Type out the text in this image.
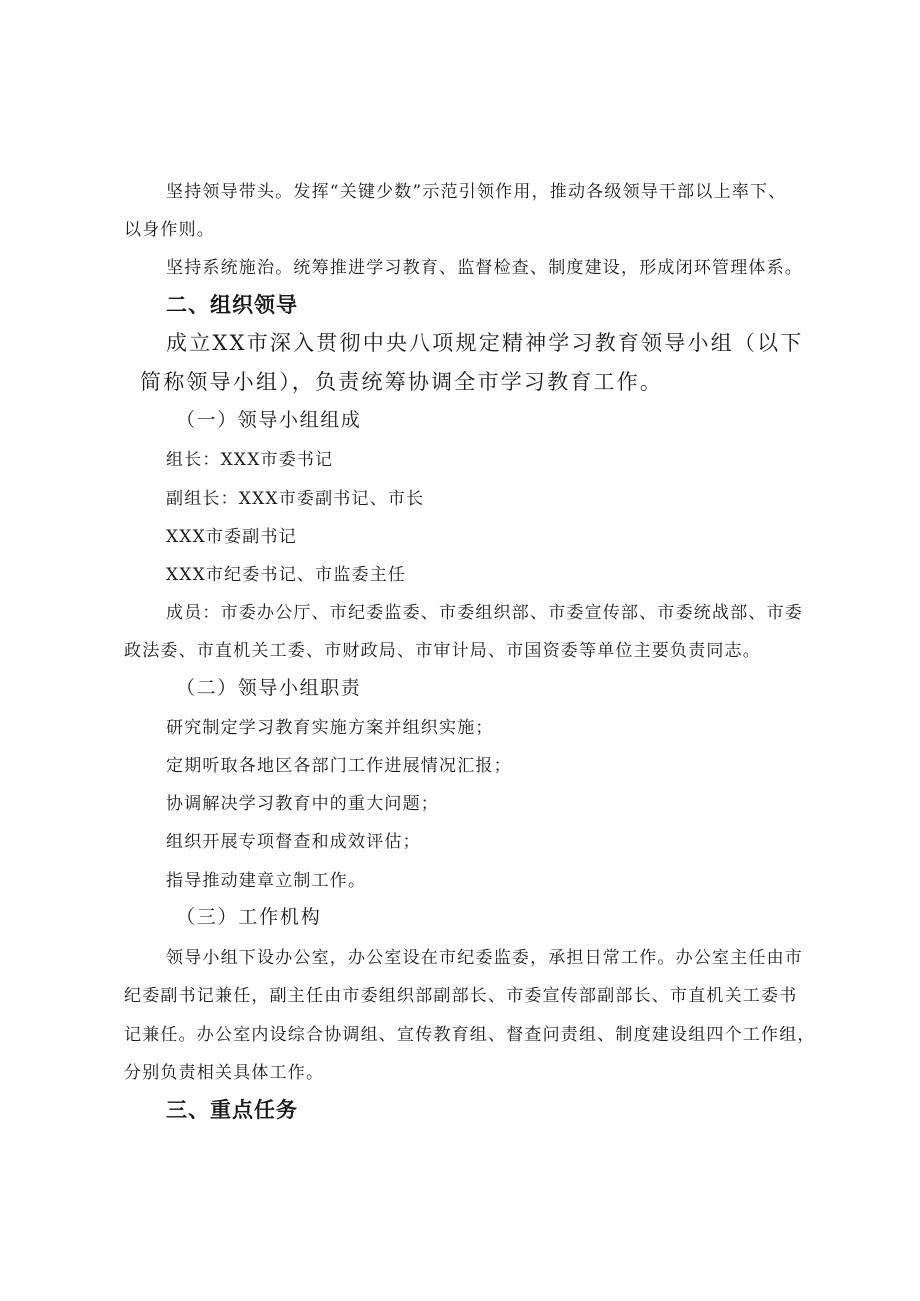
坚持领导带头。发挥“关键少数”示范引领作用，推动各级领导干部以上率下、
以身作则。
坚持系统施治。统筹推进学习教育、监督检查、制度建设，形成闭环管理体系。
二、组织领导
成立XX市深入贯彻中央八项规定精神学习教育领导小组（以下
简称领导小组），负责统筹协调全市学习教育工作。
（一）领导小组组成
组长：XXX市委书记
副组长：XXX市委副书记、市长
XXX市委副书记
XXX市纪委书记、市监委主任
成员：市委办公厅、市纪委监委、市委组织部、市委宣传部、市委统战部、市委
政法委、市直机关工委、市财政局、市审计局、市国资委等单位主要负责同志。
（二）领导小组职责
研究制定学习教育实施方案并组织实施；
定期听取各地区各部门工作进展情况汇报；
协调解决学习教育中的重大问题；
组织开展专项督查和成效评估；
指导推动建章立制工作。
（三）工作机构
领导小组下设办公室，办公室设在市纪委监委，承担日常工作。办公室主任由市
纪委副书记兼任，副主任由市委组织部副部长、市委宣传部副部长、市直机关工委书
记兼任。办公室内设综合协调组、宣传教育组、督查问责组、制度建设组四个工作组，
分别负责相关具体工作。
三、重点任务
